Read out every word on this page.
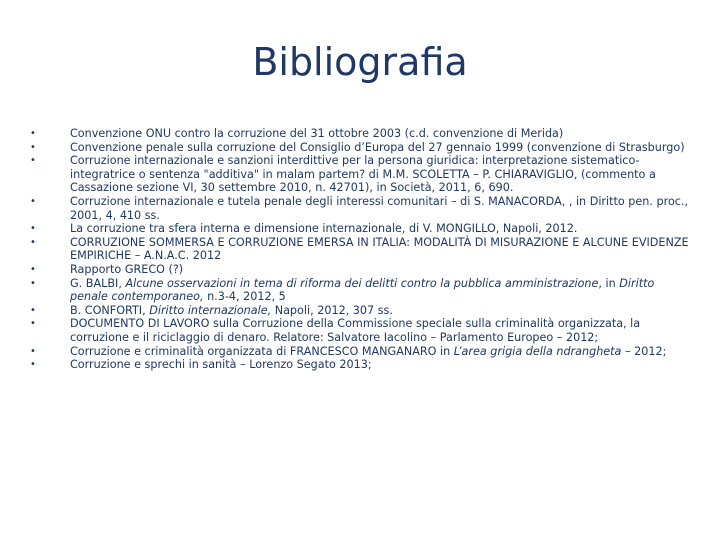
Bibliografia
•	Convenzione ONU contro la corruzione del 31 ottobre 2003 (c.d. convenzione di Merida)
•	Convenzione penale sulla corruzione del Consiglio d’Europa del 27 gennaio 1999 (convenzione di Strasburgo)
•	Corruzione internazionale e sanzioni interdittive per la persona giuridica: interpretazione sistematico-integratrice o sentenza "additiva" in malam partem? di M.M. SCOLETTA – P. CHIARAVIGLIO, (commento a Cassazione sezione VI, 30 settembre 2010, n. 42701), in Società, 2011, 6, 690.
•	Corruzione internazionale e tutela penale degli interessi comunitari – di S. MANACORDA, , in Diritto pen. proc., 2001, 4, 410 ss.
•	La corruzione tra sfera interna e dimensione internazionale, di V. MONGILLO, Napoli, 2012.
•	CORRUZIONE SOMMERSA E CORRUZIONE EMERSA IN ITALIA: MODALITÀ DI MISURAZIONE E ALCUNE EVIDENZE EMPIRICHE – A.N.A.C. 2012
•	Rapporto GRECO (?)
•	G. BALBI, Alcune osservazioni in tema di riforma dei delitti contro la pubblica amministrazione, in Diritto penale contemporaneo, n.3-4, 2012, 5
•	B. CONFORTI, Diritto internazionale, Napoli, 2012, 307 ss.
•	DOCUMENTO DI LAVORO sulla Corruzione della Commissione speciale sulla criminalità organizzata, la corruzione e il riciclaggio di denaro. Relatore: Salvatore Iacolino – Parlamento Europeo – 2012;
•	Corruzione e criminalità organizzata di FRANCESCO MANGANARO in L’area grigia della ndrangheta – 2012;
•	Corruzione e sprechi in sanità – Lorenzo Segato 2013;
